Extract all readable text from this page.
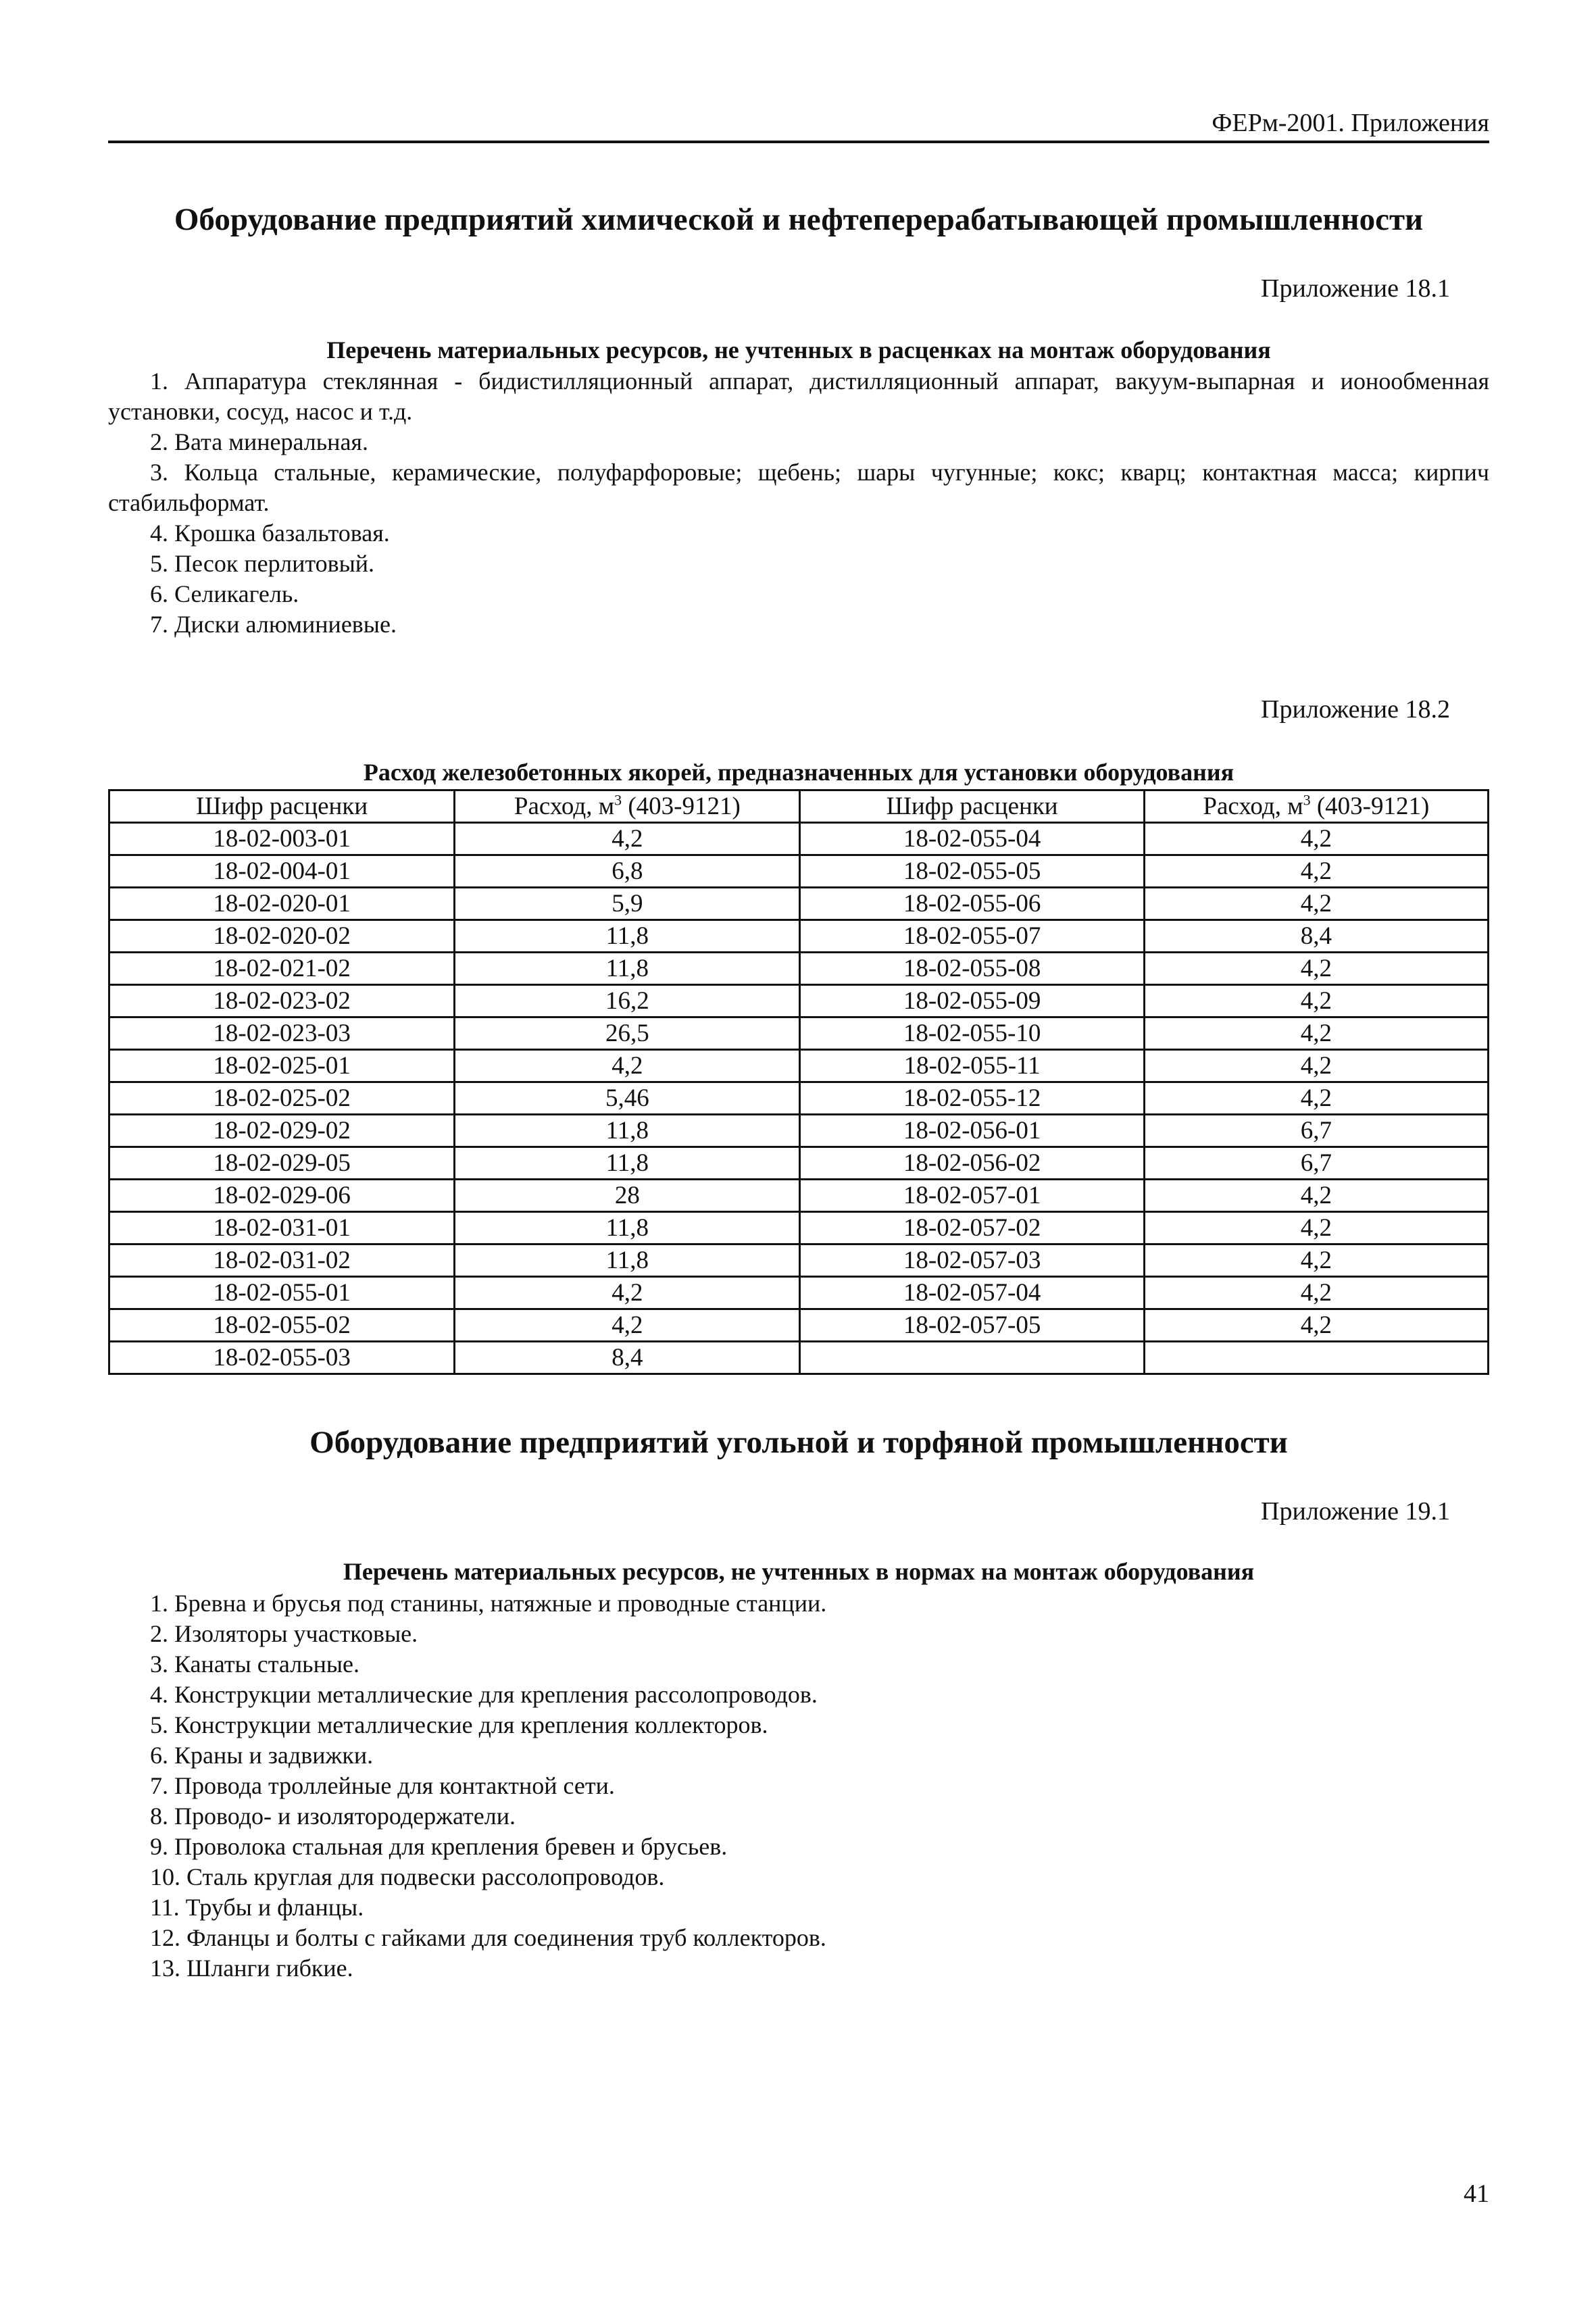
ФЕРм-2001. Приложения
Оборудование предприятий химической и нефтеперерабатывающей промышленности
Приложение 18.1
Перечень материальных ресурсов, не учтенных в расценках на монтаж оборудования
1. Аппаратура стеклянная - бидистилляционный аппарат, дистилляционный аппарат, вакуум-выпарная и ионообменная установки, сосуд, насос и т.д.
2. Вата минеральная.
3. Кольца стальные, керамические, полуфарфоровые; щебень; шары чугунные; кокс; кварц; контактная масса; кирпич стабильформат.
4. Крошка базальтовая.
5. Песок перлитовый.
6. Селикагель.
7. Диски алюминиевые.
Приложение 18.2
Расход железобетонных якорей, предназначенных для установки оборудования
Шифр расценки	Расход, $м^3$ (403-9121)	Шифр расценки	Расход, $м^3$ (403-9121)
18-02-003-01	4,2	18-02-055-04	4,2
18-02-004-01	6,8	18-02-055-05	4,2
18-02-020-01	5,9	18-02-055-06	4,2
18-02-020-02	11,8	18-02-055-07	8,4
18-02-021-02	11,8	18-02-055-08	4,2
18-02-023-02	16,2	18-02-055-09	4,2
18-02-023-03	26,5	18-02-055-10	4,2
18-02-025-01	4,2	18-02-055-11	4,2
18-02-025-02	5,46	18-02-055-12	4,2
18-02-029-02	11,8	18-02-056-01	6,7
18-02-029-05	11,8	18-02-056-02	6,7
18-02-029-06	28	18-02-057-01	4,2
18-02-031-01	11,8	18-02-057-02	4,2
18-02-031-02	11,8	18-02-057-03	4,2
18-02-055-01	4,2	18-02-057-04	4,2
18-02-055-02	4,2	18-02-057-05	4,2
18-02-055-03	8,4		
Оборудование предприятий угольной и торфяной промышленности
Приложение 19.1
Перечень материальных ресурсов, не учтенных в нормах на монтаж оборудования
1. Бревна и брусья под станины, натяжные и проводные станции.
2. Изоляторы участковые.
3. Канаты стальные.
4. Конструкции металлические для крепления рассолопроводов.
5. Конструкции металлические для крепления коллекторов.
6. Краны и задвижки.
7. Провода троллейные для контактной сети.
8. Проводо- и изолятородержатели.
9. Проволока стальная для крепления бревен и брусьев.
10. Сталь круглая для подвески рассолопроводов.
11. Трубы и фланцы.
12. Фланцы и болты с гайками для соединения труб коллекторов.
13. Шланги гибкие.
41
